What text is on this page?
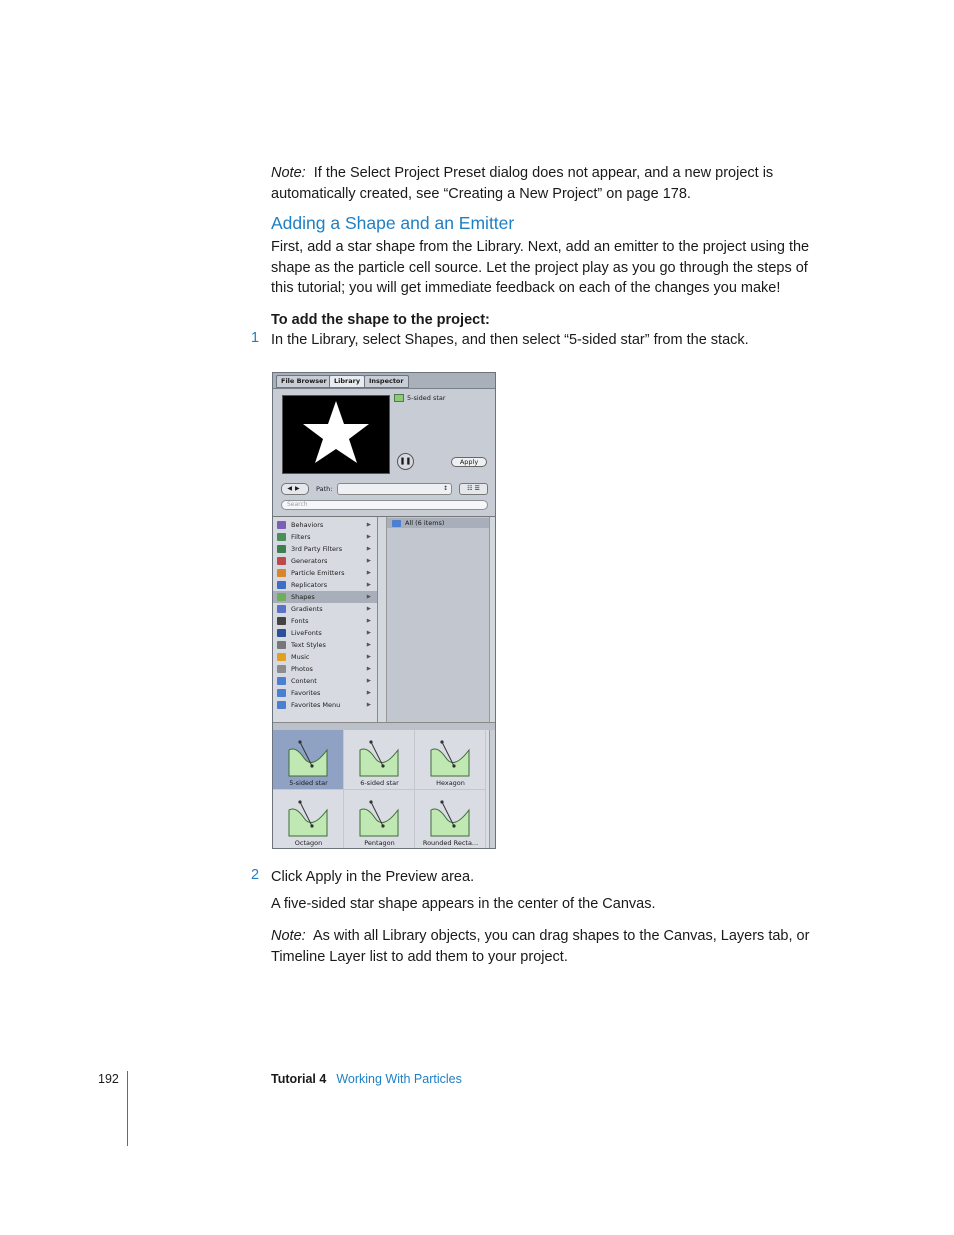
Note: If the Select Project Preset dialog does not appear, and a new project is automatically created, see “Creating a New Project” on page 178.
Adding a Shape and an Emitter
First, add a star shape from the Library. Next, add an emitter to the project using the shape as the particle cell source. Let the project play as you go through the steps of this tutorial; you will get immediate feedback on each of the changes you make!
To add the shape to the project:
1 In the Library, select Shapes, and then select “5-sided star” from the stack.
File Browser	Library	Inspector
5-sided star
❚❚	Apply
◀▶	Path:	↕	☷ ☰
Search
Behaviors	▶
Filters	▶
3rd Party Filters	▶
Generators	▶
Particle Emitters	▶
Replicators	▶
Shapes	▶
Gradients	▶
Fonts	▶
LiveFonts	▶
Text Styles	▶
Music	▶
Photos	▶
Content	▶
Favorites	▶
Favorites Menu	▶
All (6 items)
5-sided star	6-sided star	Hexagon
Octagon	Pentagon	Rounded Recta...
2 Click Apply in the Preview area.
A five-sided star shape appears in the center of the Canvas.
Note: As with all Library objects, you can drag shapes to the Canvas, Layers tab, or Timeline Layer list to add them to your project.
192	Tutorial 4 Working With Particles
